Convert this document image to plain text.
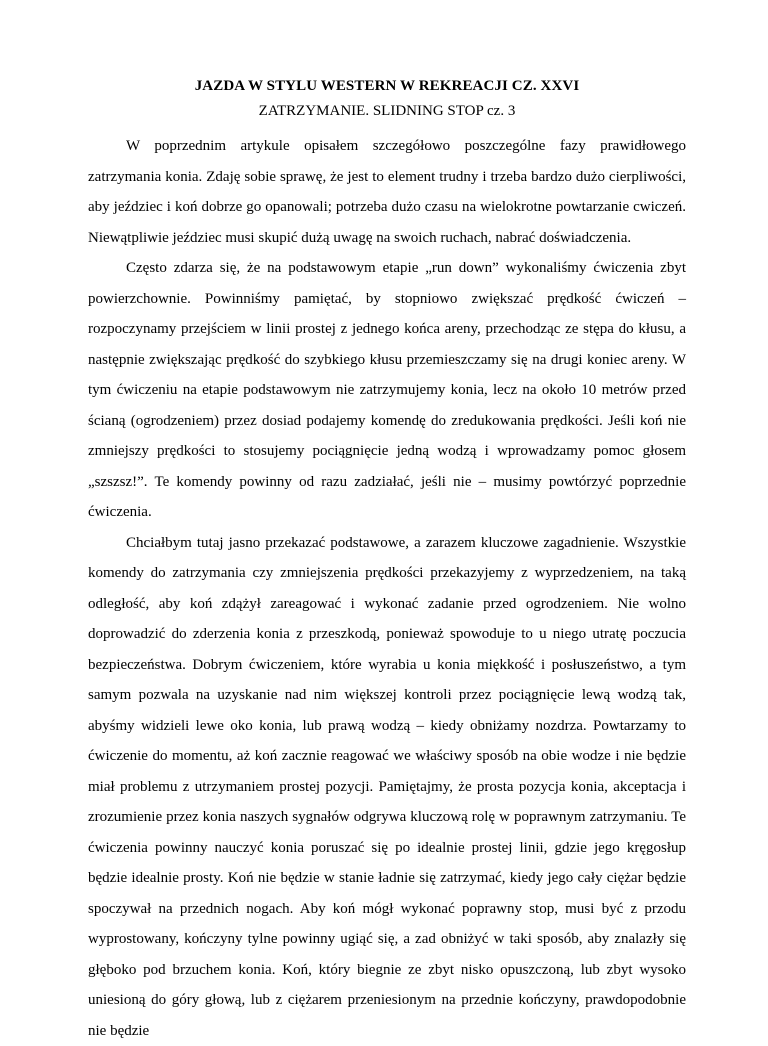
JAZDA W STYLU WESTERN W REKREACJI CZ. XXVI
ZATRZYMANIE. SLIDNING STOP cz. 3

W poprzednim artykule opisałem szczegółowo poszczególne fazy prawidłowego zatrzymania konia. Zdaję sobie sprawę, że jest to element trudny i trzeba bardzo dużo cierpliwości, aby jeździec i koń dobrze go opanowali; potrzeba dużo czasu na wielokrotne powtarzanie cwiczeń. Niewątpliwie jeździec musi skupić dużą uwagę na swoich ruchach, nabrać doświadczenia.

Często zdarza się, że na podstawowym etapie „run down” wykonaliśmy ćwiczenia zbyt powierzchownie. Powinniśmy pamiętać, by stopniowo zwiększać prędkość ćwiczeń – rozpoczynamy przejściem w linii prostej z jednego końca areny, przechodząc ze stępa do kłusu, a następnie zwiększając prędkość do szybkiego kłusu przemieszczamy się na drugi koniec areny. W tym ćwiczeniu na etapie podstawowym nie zatrzymujemy konia, lecz na około 10 metrów przed ścianą (ogrodzeniem) przez dosiad podajemy komendę do zredukowania prędkości. Jeśli koń nie zmniejszy prędkości to stosujemy pociągnięcie jedną wodzą i wprowadzamy pomoc głosem „szszsz!”. Te komendy powinny od razu zadziałać, jeśli nie – musimy powtórzyć poprzednie ćwiczenia.

Chciałbym tutaj jasno przekazać podstawowe, a zarazem kluczowe zagadnienie. Wszystkie komendy do zatrzymania czy zmniejszenia prędkości przekazyjemy z wyprzedzeniem, na taką odległość, aby koń zdążył zareagować i wykonać zadanie przed ogrodzeniem. Nie wolno doprowadzić do zderzenia konia z przeszkodą, ponieważ spowoduje to u niego utratę poczucia bezpieczeństwa. Dobrym ćwiczeniem, które wyrabia u konia miękkość i posłuszeństwo, a tym samym pozwala na uzyskanie nad nim większej kontroli przez pociągnięcie lewą wodzą tak, abyśmy widzieli lewe oko konia, lub prawą wodzą – kiedy obniżamy nozdrza. Powtarzamy to ćwiczenie do momentu, aż koń zacznie reagować we właściwy sposób na obie wodze i nie będzie miał problemu z utrzymaniem prostej pozycji. Pamiętajmy, że prosta pozycja konia, akceptacja i zrozumienie przez konia naszych sygnałów odgrywa kluczową rolę w poprawnym zatrzymaniu. Te ćwiczenia powinny nauczyć konia poruszać się po idealnie prostej linii, gdzie jego kręgosłup będzie idealnie prosty. Koń nie będzie w stanie ładnie się zatrzymać, kiedy jego cały ciężar będzie spoczywał na przednich nogach. Aby koń mógł wykonać poprawny stop, musi być z przodu wyprostowany, kończyny tylne powinny ugiąć się, a zad obniżyć w taki sposób, aby znalazły się głęboko pod brzuchem konia. Koń, który biegnie ze zbyt nisko opuszczoną, lub zbyt wysoko uniesioną do góry głową, lub z ciężarem przeniesionym na przednie kończyny, prawdopodobnie nie będzie
